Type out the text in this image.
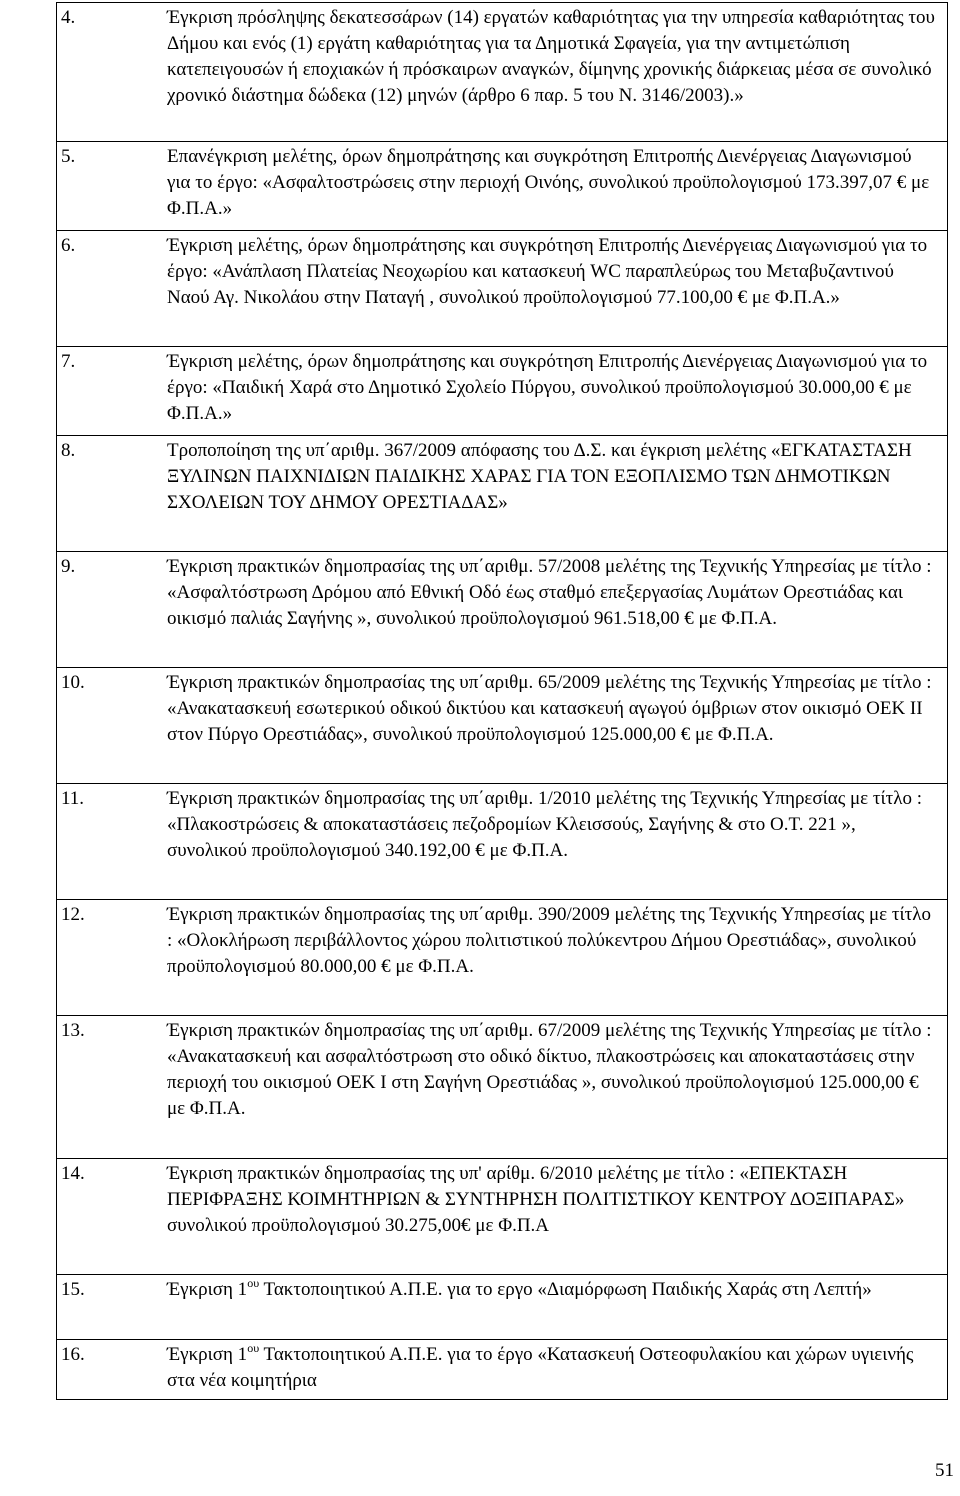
4.	Έγκριση πρόσληψης δεκατεσσάρων (14) εργατών καθαριότητας για την υπηρεσία καθαριότητας του Δήμου και ενός (1) εργάτη καθαριότητας για τα Δημοτικά Σφαγεία, για την αντιμετώπιση κατεπειγουσών ή εποχιακών ή πρόσκαιρων αναγκών, δίμηνης χρονικής διάρκειας μέσα σε συνολικό χρονικό διάστημα δώδεκα (12) μηνών (άρθρο 6 παρ. 5 του Ν. 3146/2003).»
5.	Επανέγκριση μελέτης, όρων δημοπράτησης και συγκρότηση Επιτροπής Διενέργειας Διαγωνισμού για το έργο: «Ασφαλτοστρώσεις στην περιοχή Οινόης, συνολικού προϋπολογισμού 173.397,07 € με Φ.Π.Α.»
6.	Έγκριση μελέτης, όρων δημοπράτησης και συγκρότηση Επιτροπής Διενέργειας Διαγωνισμού για το έργο: «Ανάπλαση Πλατείας Νεοχωρίου και κατασκευή WC παραπλεύρως του Μεταβυζαντινού Ναού Αγ. Νικολάου στην Παταγή , συνολικού προϋπολογισμού 77.100,00 € με Φ.Π.Α.»
7.	Έγκριση μελέτης, όρων δημοπράτησης και συγκρότηση Επιτροπής Διενέργειας Διαγωνισμού για το έργο: «Παιδική Χαρά στο Δημοτικό Σχολείο Πύργου, συνολικού προϋπολογισμού 30.000,00 € με Φ.Π.Α.»
8.	Τροποποίηση της υπ΄αριθμ. 367/2009 απόφασης του Δ.Σ. και έγκριση μελέτης «ΕΓΚΑΤΑΣΤΑΣΗ ΞΥΛΙΝΩΝ ΠΑΙΧΝΙΔΙΩΝ ΠΑΙΔΙΚΗΣ ΧΑΡΑΣ ΓΙΑ ΤΟΝ ΕΞΟΠΛΙΣΜΟ ΤΩΝ ΔΗΜΟΤΙΚΩΝ ΣΧΟΛΕΙΩΝ ΤΟΥ ΔΗΜΟΥ ΟΡΕΣΤΙΑΔΑΣ»
9.	Έγκριση πρακτικών δημοπρασίας της υπ΄αριθμ. 57/2008 μελέτης της Τεχνικής Υπηρεσίας με τίτλο : «Ασφαλτόστρωση Δρόμου από Εθνική Οδό έως σταθμό επεξεργασίας Λυμάτων Ορεστιάδας και οικισμό παλιάς Σαγήνης », συνολικού προϋπολογισμού 961.518,00 € με Φ.Π.Α.
10.	Έγκριση πρακτικών δημοπρασίας της υπ΄αριθμ. 65/2009 μελέτης της Τεχνικής Υπηρεσίας με τίτλο : «Ανακατασκευή εσωτερικού οδικού δικτύου και κατασκευή αγωγού όμβριων στον οικισμό ΟΕΚ ΙΙ στον Πύργο Ορεστιάδας», συνολικού προϋπολογισμού 125.000,00 € με Φ.Π.Α.
11.	Έγκριση πρακτικών δημοπρασίας της υπ΄αριθμ. 1/2010 μελέτης της Τεχνικής Υπηρεσίας με τίτλο : «Πλακοστρώσεις & αποκαταστάσεις πεζοδρομίων Κλεισσούς, Σαγήνης & στο Ο.Τ. 221 », συνολικού προϋπολογισμού 340.192,00 € με Φ.Π.Α.
12.	Έγκριση πρακτικών δημοπρασίας της υπ΄αριθμ. 390/2009 μελέτης της Τεχνικής Υπηρεσίας με τίτλο : «Ολοκλήρωση περιβάλλοντος χώρου πολιτιστικού πολύκεντρου Δήμου Ορεστιάδας», συνολικού προϋπολογισμού 80.000,00 € με Φ.Π.Α.
13.	Έγκριση πρακτικών δημοπρασίας της υπ΄αριθμ. 67/2009 μελέτης της Τεχνικής Υπηρεσίας με τίτλο : «Ανακατασκευή και ασφαλτόστρωση στο οδικό δίκτυο, πλακοστρώσεις και αποκαταστάσεις στην περιοχή του οικισμού ΟΕΚ Ι στη Σαγήνη Ορεστιάδας », συνολικού προϋπολογισμού 125.000,00 € με Φ.Π.Α.
14.	Έγκριση πρακτικών δημοπρασίας της υπ' αρίθμ. 6/2010 μελέτης με τίτλο : «ΕΠΕΚΤΑΣΗ ΠΕΡΙΦΡΑΞΗΣ ΚΟΙΜΗΤΗΡΙΩΝ & ΣΥΝΤΗΡΗΣΗ ΠΟΛΙΤΙΣΤΙΚΟΥ ΚΕΝΤΡΟΥ ΔΟΞΙΠΑΡΑΣ» συνολικού προϋπολογισμού 30.275,00€ με Φ.Π.Α
15.	Έγκριση $1^{o\upsilon}$ Τακτοποιητικού Α.Π.Ε. για το εργο «Διαμόρφωση Παιδικής Χαράς στη Λεπτή»
16.	Έγκριση $1^{o\upsilon}$ Τακτοποιητικού Α.Π.Ε. για το έργο «Κατασκευή Οστεοφυλακίου και χώρων υγιεινής στα νέα κοιμητήρια
51
